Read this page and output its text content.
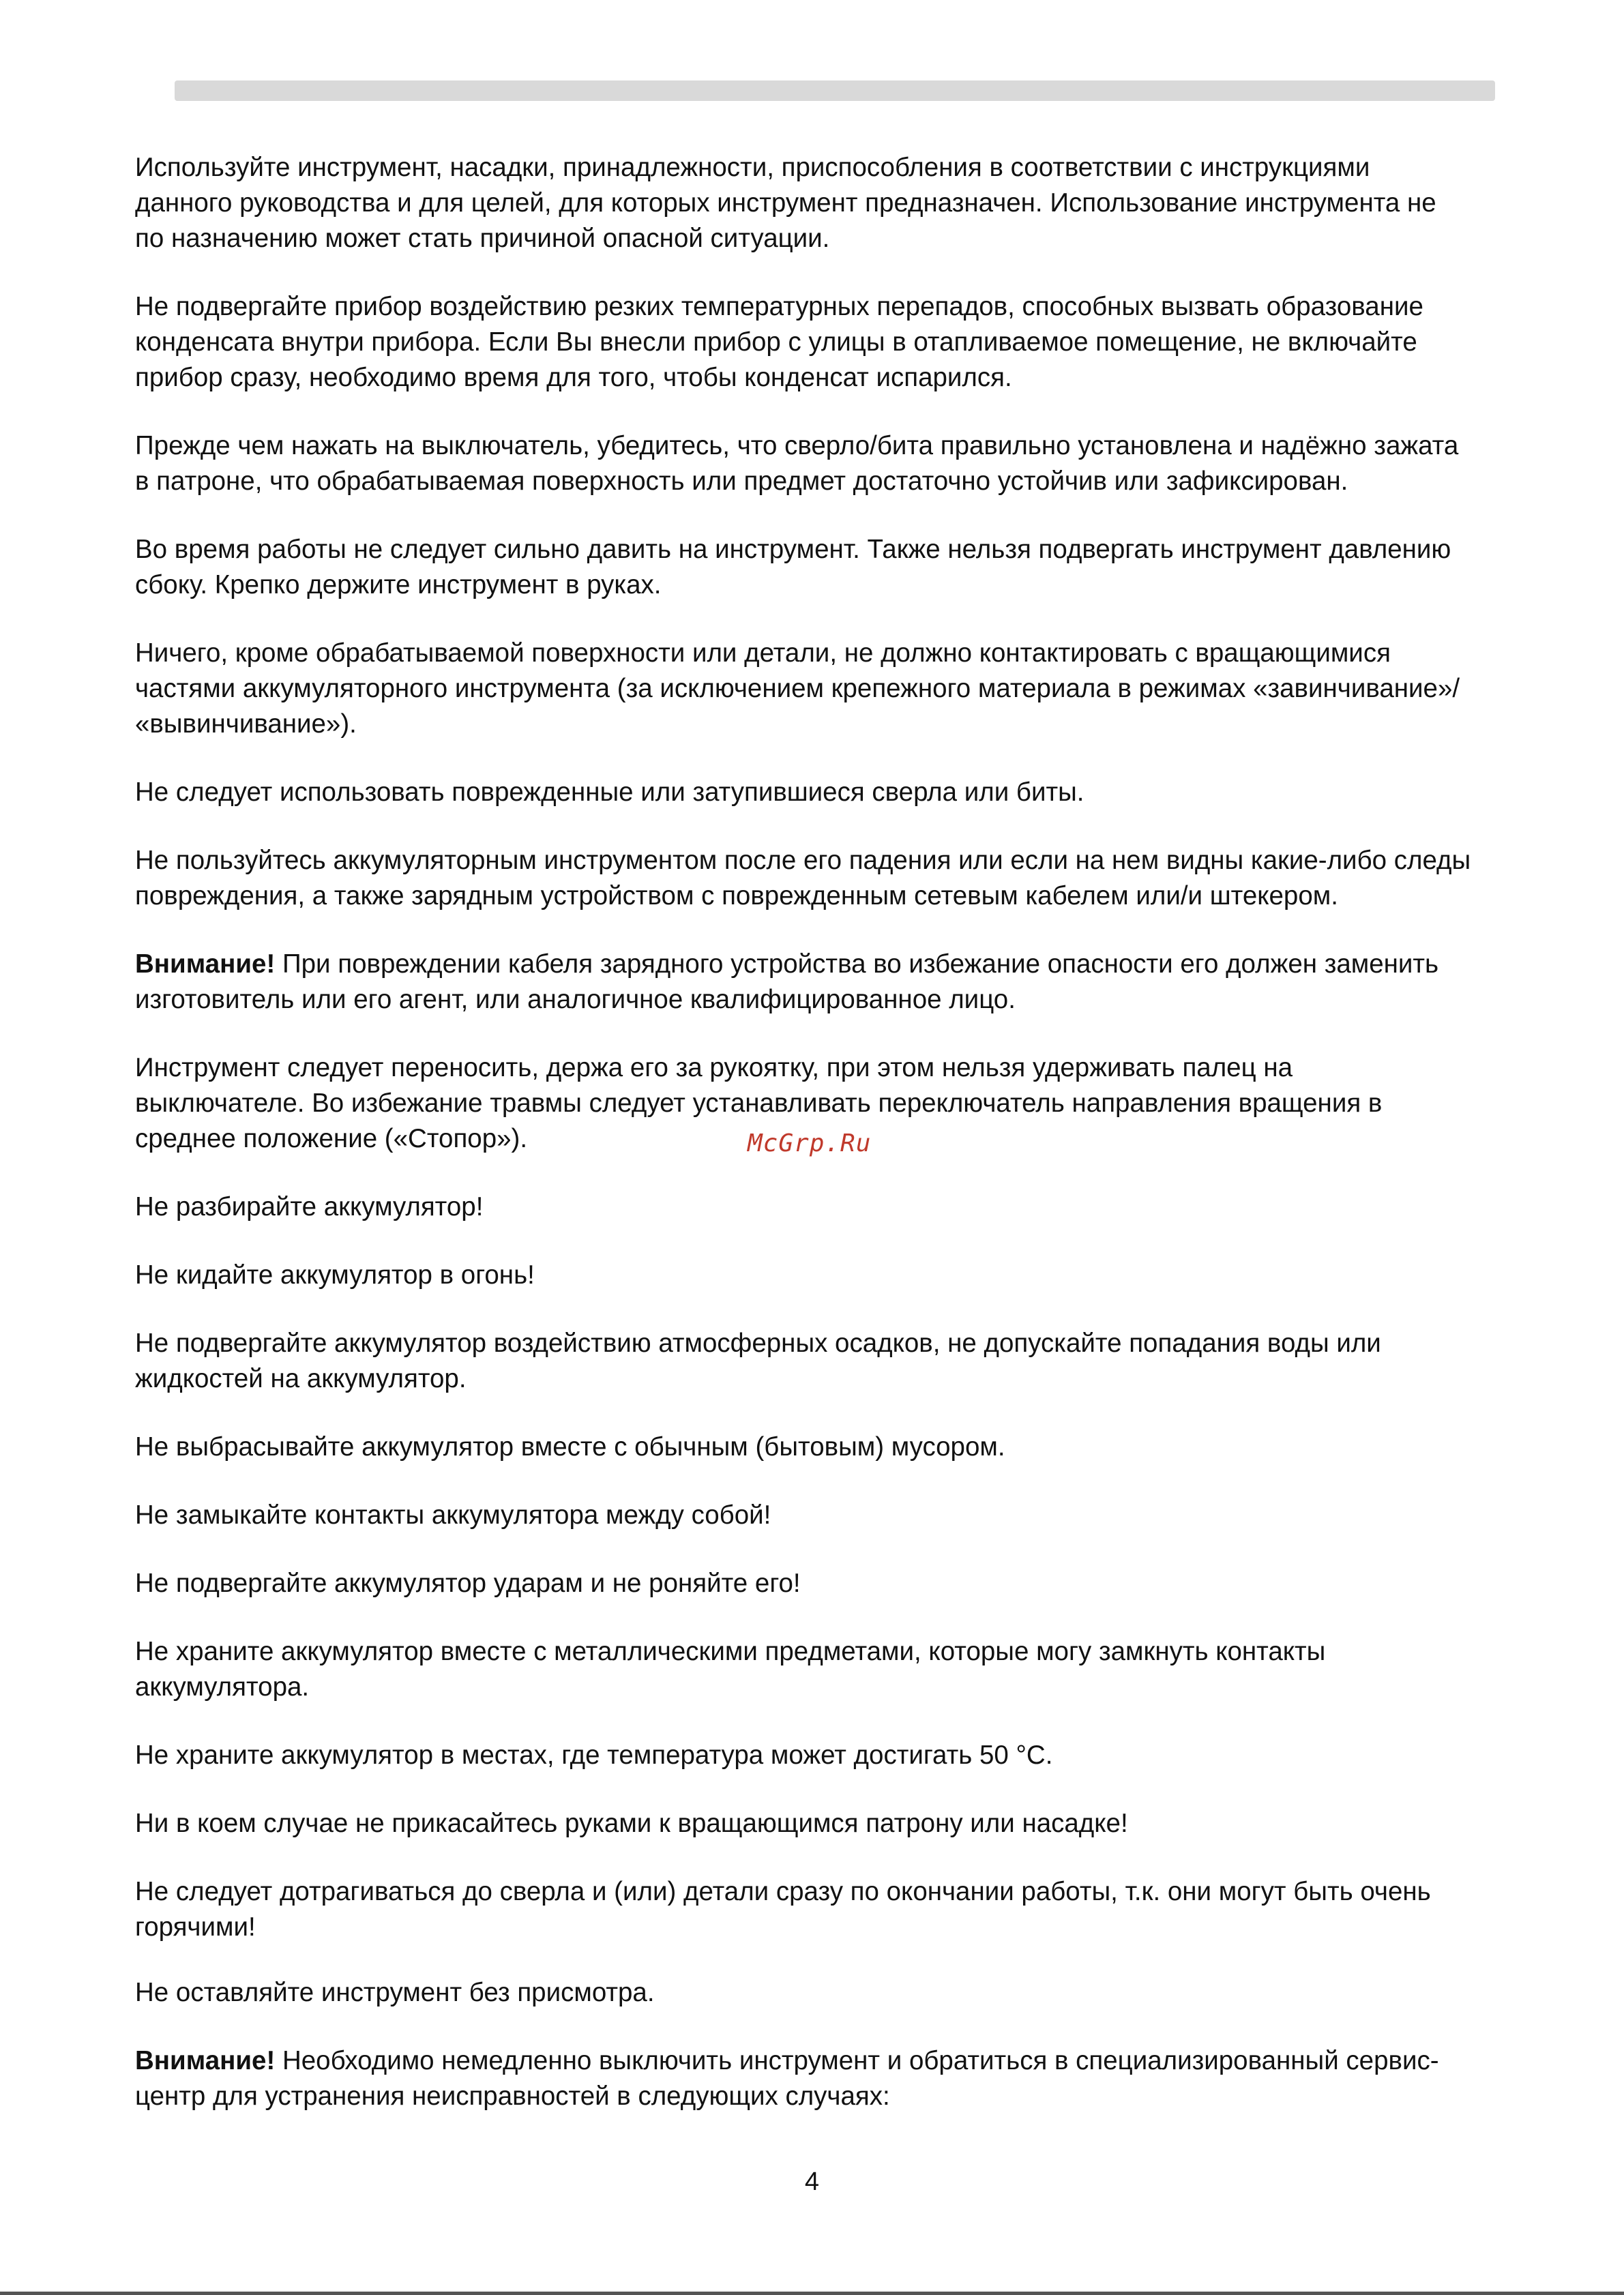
Используйте инструмент, насадки, принадлежности, приспособления в соответствии с инструкциями
данного руководства и для целей, для которых инструмент предназначен. Использование инструмента не
по назначению может стать причиной опасной ситуации.

Не подвергайте прибор воздействию резких температурных перепадов, способных вызвать образование
конденсата внутри прибора. Если Вы внесли прибор с улицы в отапливаемое помещение, не включайте
прибор сразу, необходимо время для того, чтобы конденсат испарился.

Прежде чем нажать на выключатель, убедитесь, что сверло/бита правильно установлена и надёжно зажата
в патроне, что обрабатываемая поверхность или предмет достаточно устойчив или зафиксирован.

Во время работы не следует сильно давить на инструмент. Также нельзя подвергать инструмент давлению
сбоку. Крепко держите инструмент в руках.

Ничего, кроме обрабатываемой поверхности или детали, не должно контактировать с вращающимися
частями аккумуляторного инструмента (за исключением крепежного материала в режимах «завинчивание»/
«вывинчивание»).

Не следует использовать поврежденные или затупившиеся сверла или биты.

Не пользуйтесь аккумуляторным инструментом после его падения или если на нем видны какие-либо следы
повреждения, а также зарядным устройством с поврежденным сетевым кабелем или/и штекером.

Внимание! При повреждении кабеля зарядного устройства во избежание опасности его должен заменить
изготовитель или его агент, или аналогичное квалифицированное лицо.

Инструмент следует переносить, держа его за рукоятку, при этом нельзя удерживать палец на
выключателе. Во избежание травмы следует устанавливать переключатель направления вращения в
среднее положение («Стопор»).

Не разбирайте аккумулятор!

Не кидайте аккумулятор в огонь!

Не подвергайте аккумулятор воздействию атмосферных осадков, не допускайте попадания воды или
жидкостей на аккумулятор.

Не выбрасывайте аккумулятор вместе с обычным (бытовым) мусором.

Не замыкайте контакты аккумулятора между собой!

Не подвергайте аккумулятор ударам и не роняйте его!

Не храните аккумулятор вместе с металлическими предметами, которые могу замкнуть контакты
аккумулятора.

Не храните аккумулятор в местах, где температура может достигать 50 °С.

Ни в коем случае не прикасайтесь руками к вращающимся патрону или насадке!

Не следует дотрагиваться до сверла и (или) детали сразу по окончании работы, т.к. они могут быть очень
горячими!

Не оставляйте инструмент без присмотра.

Внимание! Необходимо немедленно выключить инструмент и обратиться в специализированный сервис-
центр для устранения неисправностей в следующих случаях:

McGrp.Ru
4
